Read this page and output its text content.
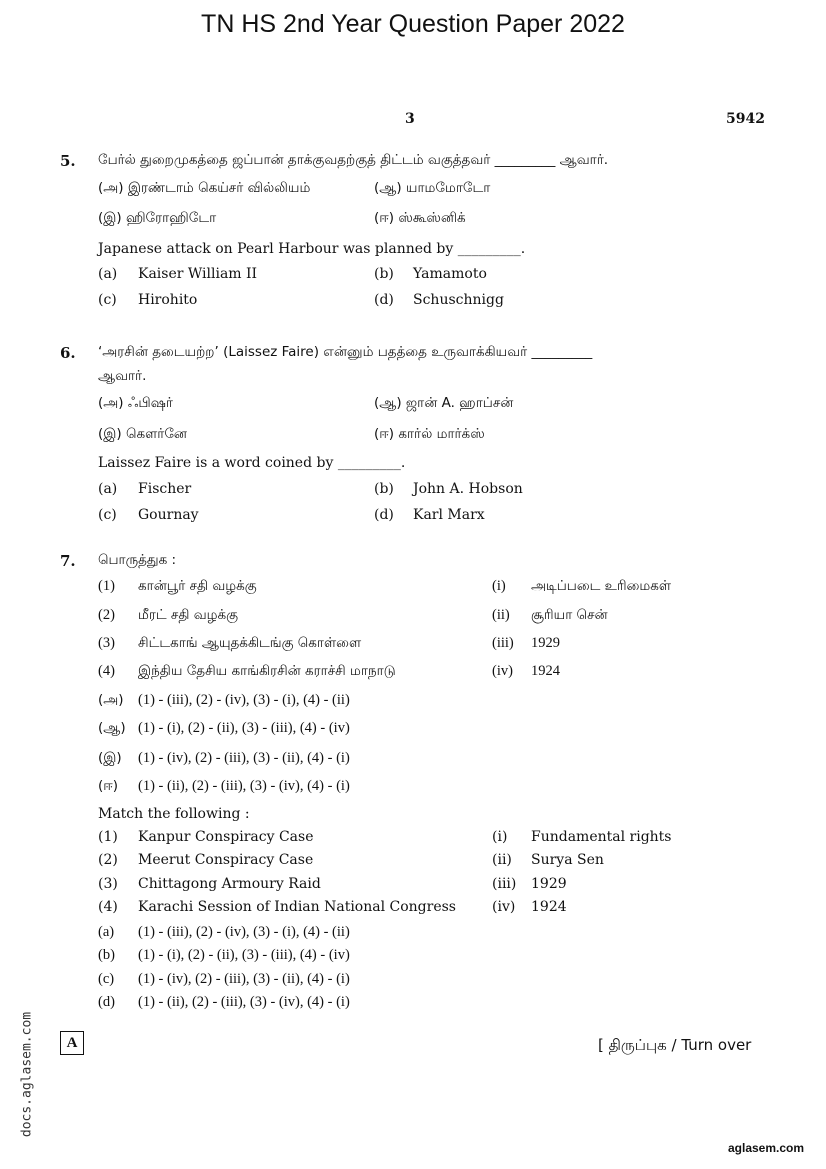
TN HS 2nd Year Question Paper 2022
3	5942
5. பேர்ல் துறைமுகத்தை ஜப்பான் தாக்குவதற்குத் திட்டம் வகுத்தவர் _________ ஆவார்.
(அ) இரண்டாம் கெய்சர் வில்லியம்	(ஆ) யாமமோடோ
(இ) ஹிரோஹிடோ	(ஈ) ஸ்கூஸ்னிக்
Japanese attack on Pearl Harbour was planned by _________.
(a) Kaiser William II	(b) Yamamoto
(c) Hirohito	(d) Schuschnigg
6. ‘அரசின் தடையற்ற’ (Laissez Faire) என்னும் பதத்தை உருவாக்கியவர் _________
ஆவார்.
(அ) ஃபிஷர்	(ஆ) ஜான் A. ஹாப்சன்
(இ) கௌர்னே	(ஈ) கார்ல் மார்க்ஸ்
Laissez Faire is a word coined by _________.
(a) Fischer	(b) John A. Hobson
(c) Gournay	(d) Karl Marx
7. பொருத்துக :
(1) கான்பூர் சதி வழக்கு	(i) அடிப்படை உரிமைகள்
(2) மீரட் சதி வழக்கு	(ii) சூரியா சென்
(3) சிட்டகாங் ஆயுதக்கிடங்கு கொள்ளை	(iii) 1929
(4) இந்திய தேசிய காங்கிரசின் கராச்சி மாநாடு	(iv) 1924
(அ) (1) - (iii), (2) - (iv), (3) - (i), (4) - (ii)
(ஆ) (1) - (i), (2) - (ii), (3) - (iii), (4) - (iv)
(இ) (1) - (iv), (2) - (iii), (3) - (ii), (4) - (i)
(ஈ) (1) - (ii), (2) - (iii), (3) - (iv), (4) - (i)
Match the following :
(1) Kanpur Conspiracy Case	(i) Fundamental rights
(2) Meerut Conspiracy Case	(ii) Surya Sen
(3) Chittagong Armoury Raid	(iii) 1929
(4) Karachi Session of Indian National Congress	(iv) 1924
(a) (1) - (iii), (2) - (iv), (3) - (i), (4) - (ii)
(b) (1) - (i), (2) - (ii), (3) - (iii), (4) - (iv)
(c) (1) - (iv), (2) - (iii), (3) - (ii), (4) - (i)
(d) (1) - (ii), (2) - (iii), (3) - (iv), (4) - (i)
A	[ திருப்புக / Turn over
docs.aglasem.com
aglasem.com
